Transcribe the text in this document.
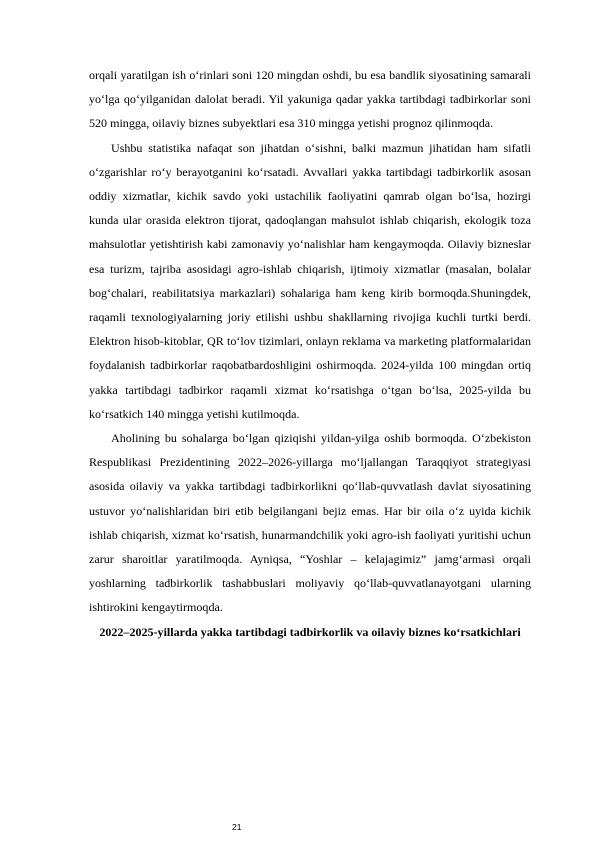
orqali yaratilgan ish o‘rinlari soni 120 mingdan oshdi, bu esa bandlik siyosatining samarali yo‘lga qo‘yilganidan dalolat beradi. Yil yakuniga qadar yakka tartibdagi tadbirkorlar soni 520 mingga, oilaviy biznes subyektlari esa 310 mingga yetishi prognoz qilinmoqda.

Ushbu statistika nafaqat son jihatdan o‘sishni, balki mazmun jihatidan ham sifatli o‘zgarishlar ro‘y berayotganini ko‘rsatadi. Avvallari yakka tartibdagi tadbirkorlik asosan oddiy xizmatlar, kichik savdo yoki ustachilik faoliyatini qamrab olgan bo‘lsa, hozirgi kunda ular orasida elektron tijorat, qadoqlangan mahsulot ishlab chiqarish, ekologik toza mahsulotlar yetishtirish kabi zamonaviy yo‘nalishlar ham kengaymoqda. Oilaviy bizneslar esa turizm, tajriba asosidagi agro-ishlab chiqarish, ijtimoiy xizmatlar (masalan, bolalar bog‘chalari, reabilitatsiya markazlari) sohalariga ham keng kirib bormoqda.Shuningdek, raqamli texnologiyalarning joriy etilishi ushbu shakllarning rivojiga kuchli turtki berdi. Elektron hisob-kitoblar, QR to‘lov tizimlari, onlayn reklama va marketing platformalaridan foydalanish tadbirkorlar raqobatbardoshligini oshirmoqda. 2024-yilda 100 mingdan ortiq yakka tartibdagi tadbirkor raqamli xizmat ko‘rsatishga o‘tgan bo‘lsa, 2025-yilda bu ko‘rsatkich 140 mingga yetishi kutilmoqda.

Aholining bu sohalarga bo‘lgan qiziqishi yildan-yilga oshib bormoqda. O‘zbekiston Respublikasi Prezidentining 2022–2026-yillarga mo‘ljallangan Taraqqiyot strategiyasi asosida oilaviy va yakka tartibdagi tadbirkorlikni qo‘llab-quvvatlash davlat siyosatining ustuvor yo‘nalishlaridan biri etib belgilangani bejiz emas. Har bir oila o‘z uyida kichik ishlab chiqarish, xizmat ko‘rsatish, hunarmandchilik yoki agro-ish faoliyati yuritishi uchun zarur sharoitlar yaratilmoqda. Ayniqsa, “Yoshlar – kelajagimiz” jamg‘armasi orqali yoshlarning tadbirkorlik tashabbuslari moliyaviy qo‘llab-quvvatlanayotgani ularning ishtirokini kengaytirmoqda.

2022–2025-yillarda yakka tartibdagi tadbirkorlik va oilaviy biznes ko‘rsatkichlari

21
